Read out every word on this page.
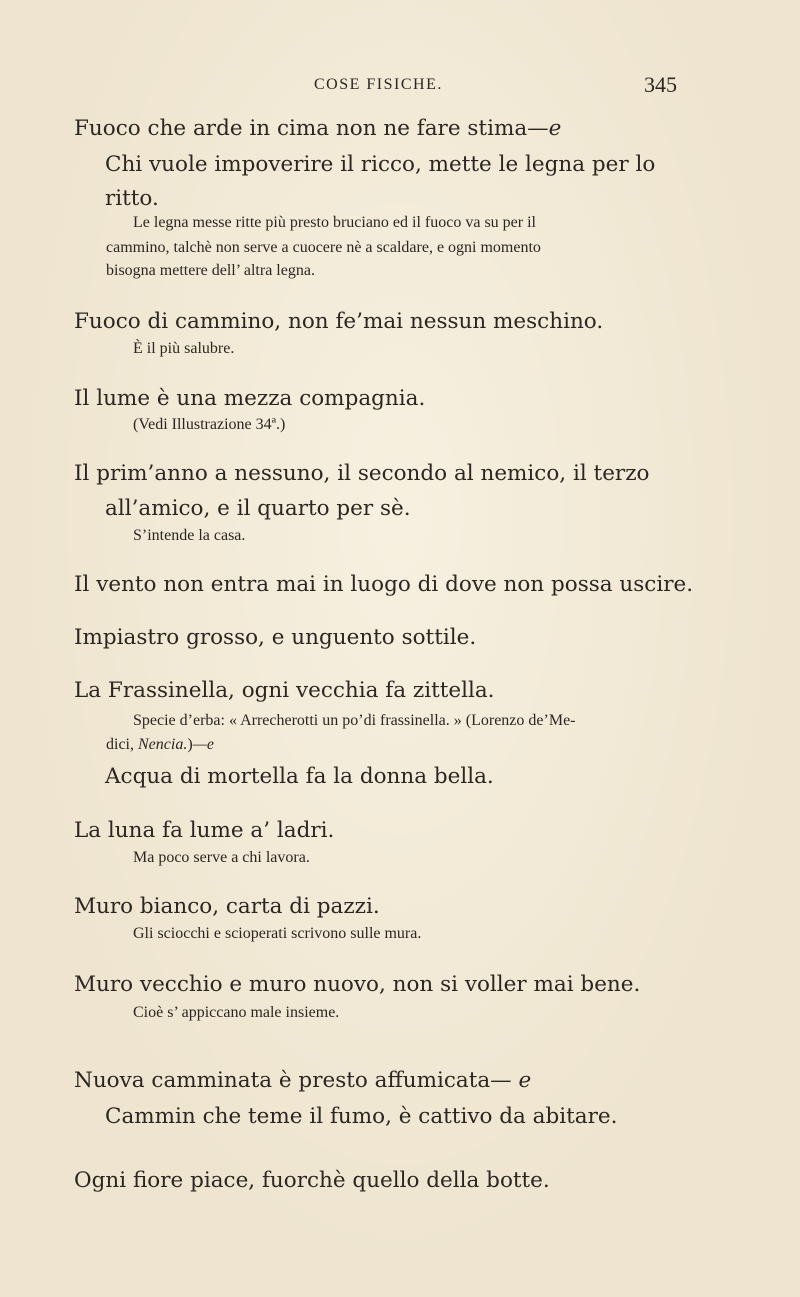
COSE FISICHE.	345
Fuoco che arde in cima non ne fare stima—e
Chi vuole impoverire il ricco, mette le legna per lo
ritto.
Le legna messe ritte più presto bruciano ed il fuoco va su per il
cammino, talchè non serve a cuocere nè a scaldare, e ogni momento
bisogna mettere dell’ altra legna.
Fuoco di cammino, non fe’mai nessun meschino.
È il più salubre.
Il lume è una mezza compagnia.
(Vedi Illustrazione 34ª.)
Il prim’anno a nessuno, il secondo al nemico, il terzo
all’amico, e il quarto per sè.
S’intende la casa.
Il vento non entra mai in luogo di dove non possa uscire.
Impiastro grosso, e unguento sottile.
La Frassinella, ogni vecchia fa zittella.
Specie d’erba: « Arrecherotti un po’di frassinella. » (Lorenzo de’Me-
dici, Nencia.)—e
Acqua di mortella fa la donna bella.
La luna fa lume a’ ladri.
Ma poco serve a chi lavora.
Muro bianco, carta di pazzi.
Gli sciocchi e scioperati scrivono sulle mura.
Muro vecchio e muro nuovo, non si voller mai bene.
Cioè s’ appiccano male insieme.
Nuova camminata è presto affumicata— e
Cammin che teme il fumo, è cattivo da abitare.
Ogni fiore piace, fuorchè quello della botte.
